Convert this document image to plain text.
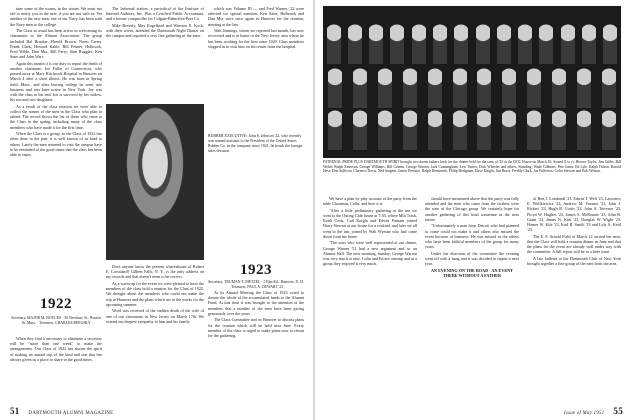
tune some of the rooms, in the winter. We must not fail to notify you in the new, if you are not with us. Yet another of the new men, one of our Navy, has been with the Navy men to the college.

The Class as usual has been active in welcoming its classmates to the Alumni Association. The group included Hal Brucker, Harold Brown, Norm Carter, Frank Clark, Howard Kahle, Bill Fenner, Holbrook, Fred Wilde, Dan Mix, Bill Perry, Stan Ruggles, Ken Sater and John Warr.

Again this month it is our duty to report the death of another classmate, Joe Fuller of Connecticut, who passed away at Mary Hitchcock Hospital in Hanover on March 4 after a short illness. He was born in Spring field, Mass., and after leaving college he went into business and was later active in New York. Joe was with the class to the end. Joe is survived by his widow, his son and two daughters.

As a result of the class reunion we were able to collect the names of the men in the Class who plan to attend. The record shows the list of those who came to the Class in the spring, including many of the class members who have made it for the first time.

When the Class is a group, as the Class of 1922 has often done in the past, it is well known of its kind to others. Lately the men returned to visit the campus have to be reminded of the good times that the class has been able to enjoy.

1922
Secretary, MAJOR M. BOYLES · 50 Newbury St., Boston 16, Mass. · Treasurer, CHARLES BEEGHLY

When they find it necessary to eliminate a secretary will be "more than one week" to make the arrangements. Our Class of 1922 has shown the spirit of making an annual trip of the kind and one that has always given us a place to share in the good times.

The Informal station, a periodical of the Institute of Internal Auditors, Inc. Was a Certified Public Accountant, and a former comptroller for Colgate-Palmolive-Peet Co.

Mike Beverly, May Engelhard and Winston E. Kock, with their wives, attended the Dartmouth Night Dinner on the campus and reported a very fine gathering of the men.

Does anyone know the present whereabouts of Robert E. Crossland? Gilbert Falls, N. Y., is the only address on my records and that doesn't seem to be correct.

As a warm-up for the event we were pleased to have the members of the class hold a reunion for the Class of 1922. We thought about the members who could not make the trip to Hanover and the plans which are in the works for the upcoming summer.

Word was received of the sudden death of the wife of one of our classmates in New Jersey on March 17th. We extend our deepest sympathy to him and his family.

which was Volume III — and Fred Warner, '22 were selected for special mention. Ken Sater, Holbrook and Dan Mix were once again in Hanover for the reunion, meeting at the Inn.

Walt Jennings, whom we reported last month, has now recovered and is at home in the New Jersey area where he has been working for the firm since 1929. Class members stopped in to visit him on his return from the hospital.

RUBBER EXECUTIVE: John S. Johnson '22, who recently was named assistant to the President of the United States Rubber Co. in the company since 1921, he heads the foreign sales division.
1923
Secretary, TRUMAN T. METZEL · 2 Elm Rd., Hanover, N. H. · Treasurer, PAUL A. DEWART '23

At its Annual Meeting the Class of 1923 voted to donate the whole of the accumulated funds to the Alumni Fund. At that time it was brought to the attention of the members that a number of the men have been giving generously over the years.

The Class Committee met in Hanover to discuss plans for the reunion which will be held next June. Every member of the class is urged to make plans now to return for the gathering.

51 DARTMOUTH ALUMNI MAGAZINE
PATERNAL PRIDE PLUS DARTMOUTH SPIRIT brought two dozen fathers back for the dinner held for the sons of '23 at the DOC House on March 10. Seated (l to r): Horace Taylor, Jim Gibbs, Bill Welch, Ralph Emerson, George Williams, Bill Grimm, George Warren, Jack Cunningham, Lew Turner, Dick Wheeler and others. Standing: Wade Gibbons, Pete Jones, Ed Lyle, Ralph Fulton, Harold Hess, Don Sullivan, Clarence Davis, Ned Sargent, James Prentice, Ralph Dentcomb, Philip Hodgman, Dave Knight, Jim Brass, Freddy Clark, Joe Fullerton, Colin Stewart and Bob Weston.

We have a plan by play account of the party from the table Chairman, Colin, and here it is.

"After a little preliminary gathering at the inn we went to the Outing Club house at 7:30, where Milt Trask, Keith Cook, Gail Knight and Edwin Putnam joined Harry Stewart at our house for a cocktail, and later we all went to the inn, joined by Walt Wyman who had come down from his home.

"The sons who were well represented at our dinner, George Warren '51 had a new argument and so on Alumni Hall. The next morning, Sunday, George Warren was very much at ease. Colin and Ed are coming and as a group they enjoyed it very much.

should have mentioned above that the party was fully attended and the men who came from the farthest were the sons of the Chicago group. We certainly hope for another gathering of this kind sometime in the near future.

"Unfortunately a man from Detroit who had planned to come could not make it and others also missed the event because of business. He was missed as the others who have been faithful members of the group for many years.

Under the direction of the committee the evening went off with a bang and it was decided to repeat it next year.

AN EVENING ON THE ROAD · AN EVENT THERE WITHOUT A FATHER

of Bert J. Lombardi '23, Edwin T. Weil '23, Lawrence E. Wolfkiewicz '23, Andrew M. Vossner '23, John J. Rickert '23, Hugh B. Curtis '23, John A. Terrence '23, Floyd W. Hughes '23, James S. McKenzie '23, John B. Grant '23, James N. Kirk '23, Douglas W. Wight '23, Homer W. Kile '23, Karl R. Smith '23 and Lyle A. Kettl '23.

The E. F. Arnold Field of March 12 carried the news that the Class will hold a reunion dinner in June and that the plans for the event are already well under way with the committee. A full report will be in a later issue.

A late bulletin at the Dartmouth Club of New York brought together a fine group of the men from the area.

Issue of May 1951 55
